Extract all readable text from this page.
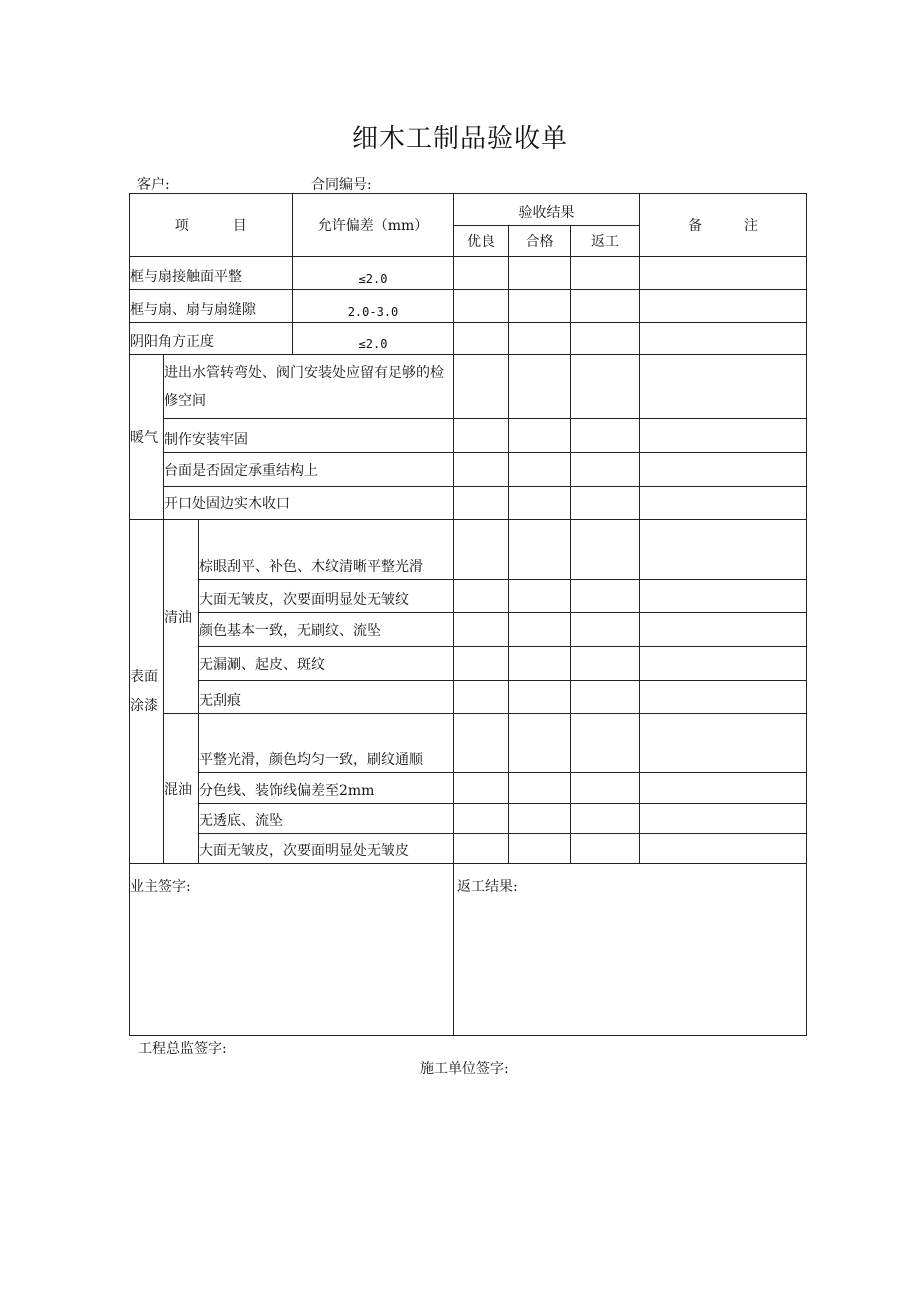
细木工制品验收单
客户:	合同编号:
项　　　目			允许偏差（mm）	验收结果			备　　　注
				优良	合格	返工	
框与扇接触面平整			≤2.0				
框与扇、扇与扇缝隙			2.0-3.0				
阴阳角方正度			≤2.0				
暖气	进出水管转弯处、阀门安装处应留有足够的检修空间						
	制作安装牢固						
	台面是否固定承重结构上						
	开口处固边实木收口						
表面涂漆	清油	棕眼刮平、补色、木纹清晰平整光滑					
		大面无皱皮，次要面明显处无皱纹					
		颜色基本一致，无刷纹、流坠					
		无漏涮、起皮、斑纹					
		无刮痕					
	混油	平整光滑，颜色均匀一致，刷纹通顺					
		分色线、装饰线偏差至2mm					
		无透底、流坠					
		大面无皱皮，次要面明显处无皱皮					
业主签字:				返工结果:			
工程总监签字:
施工单位签字:
